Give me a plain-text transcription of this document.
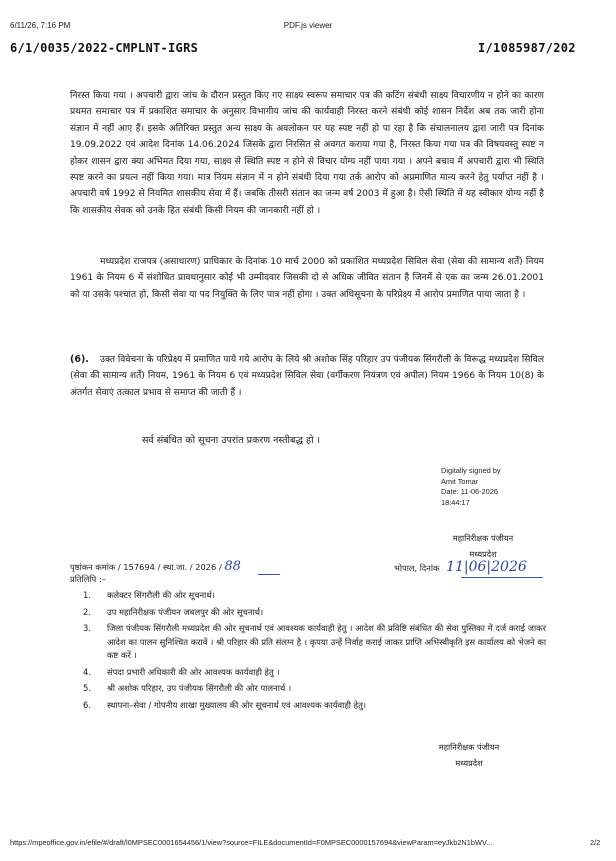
6/11/26, 7:16 PM	PDF.js viewer
6/1/0035/2022-CMPLNT-IGRS	I/1085987/202
निरस्त किया गया । अपचारी द्वारा जांच के दौरान प्रस्तुत किए गए साक्ष्य स्वरूप समाचार पत्र की कटिंग संबंधी साक्ष्य विचारणीय न होने का कारण प्रथमत समाचार पत्र में प्रकाशित समाचार के अनुसार विभागीय जांच की कार्यवाही निरस्त करने संबंधी कोई शासन निर्देश अब तक जारी होना संज्ञान में नहीं आए हैं। इसके अतिरिक्त प्रस्तुत अन्य साक्ष्य के अवलोकन पर यह स्पष्ट नहीं हो पा रहा है कि संचालनालय द्वारा जारी पत्र दिनांक 19.09.2022 एवं आदेश दिनांक 14.06.2024 जिसके द्वारा निरसित से अवगत कराया गया है, निरस्त किया गया पत्र की विषयवस्तु स्पष्ट न होकर शासन द्वारा क्या अभिमत दिया गया, साक्ष्य से स्थिति स्पष्ट न होने से विचार योग्य नहीं पाया गया । अपने बचाव में अपचारी द्वारा भी स्थिति स्पष्ट करने का प्रयत्न नहीं किया गया। मात्र नियम संज्ञान में न होने संबंधी दिया गया तर्क आरोप को अप्रमाणित मान्य करने हेतु पर्याप्त नहीं है । अपचारी वर्ष 1992 से नियमित शासकीय सेवा में हैं। जबकि तीसरी संतान का जन्म वर्ष 2003 में हुआ है। ऐसी स्थिति में यह स्वीकार योग्य नहीं है कि शासकीय सेवक को उनके हित संबंधी किसी नियम की जानकारी नहीं हो ।
मध्यप्रदेश राजपत्र (असाधारण) प्राधिकार के दिनांक 10 मार्च 2000 को प्रकाशित मध्यप्रदेश सिविल सेवा (सेवा की सामान्य शर्तें) नियम 1961 के नियम 6 में संशोधित प्रावधानुसार कोई भी उम्मीदवार जिसकी दो से अधिक जीवित संतान है जिनमें से एक का जन्म 26.01.2001 को या उसके पश्चात हो, किसी सेवा या पद नियुक्ति के लिए पात्र नहीं होगा । उक्त अधिसूचना के परिप्रेक्ष्य में आरोप प्रमाणित पाया जाता है ।
(6).	उक्त विवेचना के परिप्रेक्ष्य में प्रमाणित पाये गये आरोप के लिये श्री अशोक सिंह परिहार उप पंजीयक सिंगरौली के विरूद्ध मध्यप्रदेश सिविल (सेवा की सामान्य शर्तें) नियम, 1961 के नियम 6 एवं मध्यप्रदेश सिविल सेवा (वर्गीकरण नियंत्रण एवं अपील) नियम 1966 के नियम 10(8) के अंतर्गत सेवाएं तत्काल प्रभाव से समाप्त की जाती हैं ।
सर्व संबंधित को सूचना उपरांत प्रकरण नस्तीबद्ध हो ।
Digitally signed by
Amit Tomar
Date: 11-06-2026
18:44:17
महानिरीक्षक पंजीयन
मध्यप्रदेश
पृष्ठांकन कमांक / 157694 / स्था.जा. / 2026 / 88	भोपाल, दिनांक 11|06|2026
प्रतिलिपि :–
1.	कलेक्टर सिंगरौली की ओर सूचनार्थ।
2.	उप महानिरीक्षक पंजीयन जबलपुर की ओर सूचनार्थ।
3.	जिला पंजीयक सिंगरौली मध्यप्रदेश की ओर सूचनार्थ एवं आवश्यक कार्यवाही हेतु । आदेश की प्रविष्टि संबंधित की सेवा पुस्तिका में दर्ज कराई जाकर आदेश का पालन सुनिश्चित करावें । श्री परिहार की प्रति संलग्न है । कृपया उन्हें निर्वाह कराई जाकर प्राप्ति अभिस्वीकृति इस कार्यालय को भेजने का कष्ट करें ।
4.	संपदा प्रभारी अधिकारी की ओर आवश्यक कार्यवाही हेतु ।
5.	श्री अशोक परिहार, उप पंजीयक सिंगरौली की ओर पालनार्थ ।
6.	स्थापना–सेवा / गोपनीय शाखा मुख्यालय की ओर सूचनार्थ एवं आवश्यक कार्यवाही हेतु।
महानिरीक्षक पंजीयन
मध्यप्रदेश
https://mpeoffice.gov.in/efile/#/draft/l0MPSEC0001654456/1/view?source=FILE&documentId=F0MPSEC0000157694&viewParam=eyJkb2N1bWV...	2/2
